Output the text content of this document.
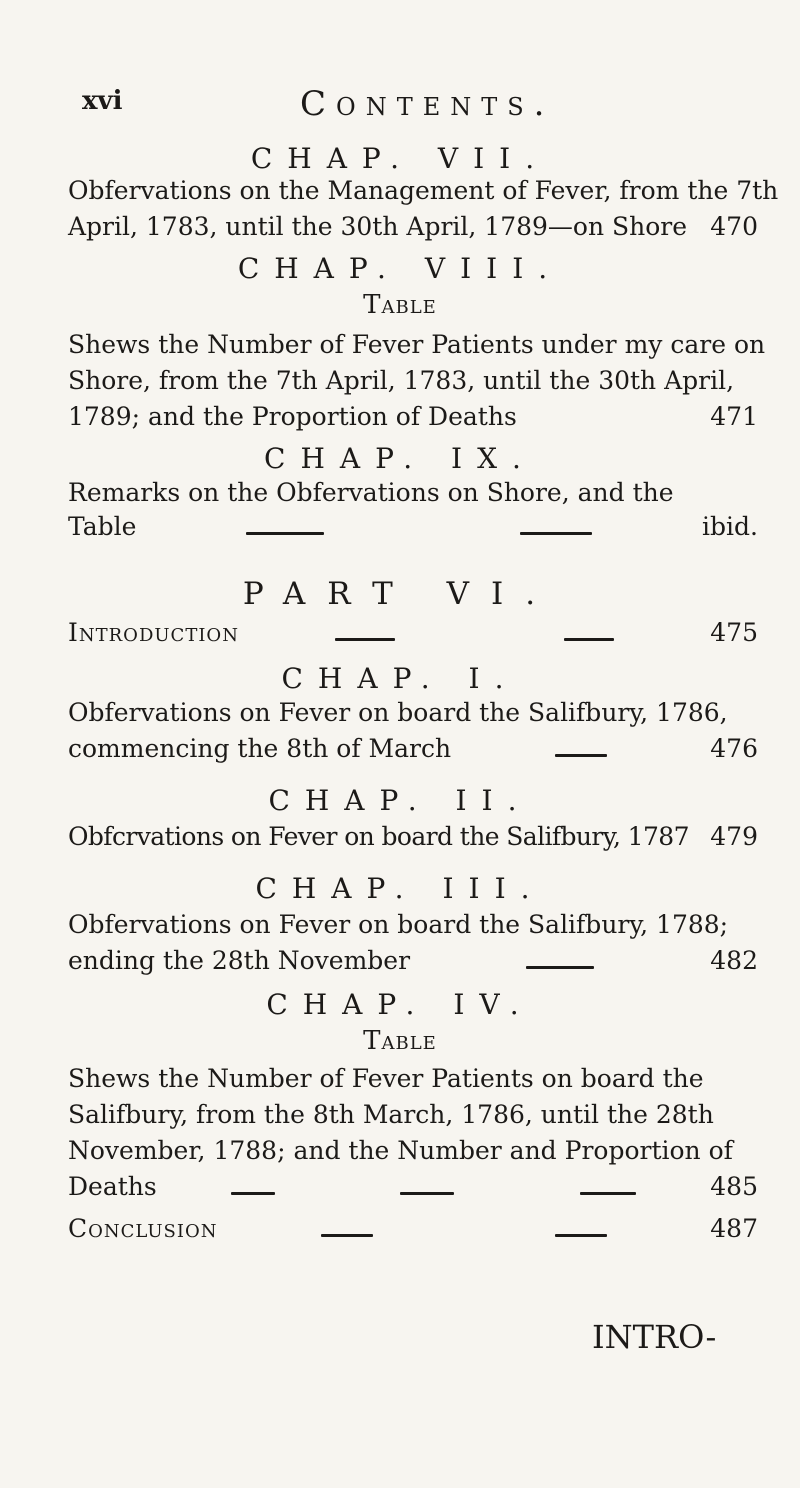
xvi	Contents.
CHAP. VII.
Obfervations on the Management of Fever, from the 7th
April, 1783, until the 30th April, 1789—on Shore 470
CHAP. VIII.
Table
Shews the Number of Fever Patients under my care on
Shore, from the 7th April, 1783, until the 30th April,
1789; and the Proportion of Deaths	471
CHAP. IX.
Remarks on the Obfervations on Shore, and the
Table	ibid.
PART VI.
Introduction	475
CHAP. I.
Obfervations on Fever on board the Salifbury, 1786,
commencing the 8th of March	476
CHAP. II.
Obfcrvations on Fever on board the Salifbury, 1787 479
CHAP. III.
Obfervations on Fever on board the Salifbury, 1788;
ending the 28th November	482
CHAP. IV.
Table
Shews the Number of Fever Patients on board the
Salifbury, from the 8th March, 1786, until the 28th
November, 1788; and the Number and Proportion of
Deaths	485
Conclusion	487
INTRO-
